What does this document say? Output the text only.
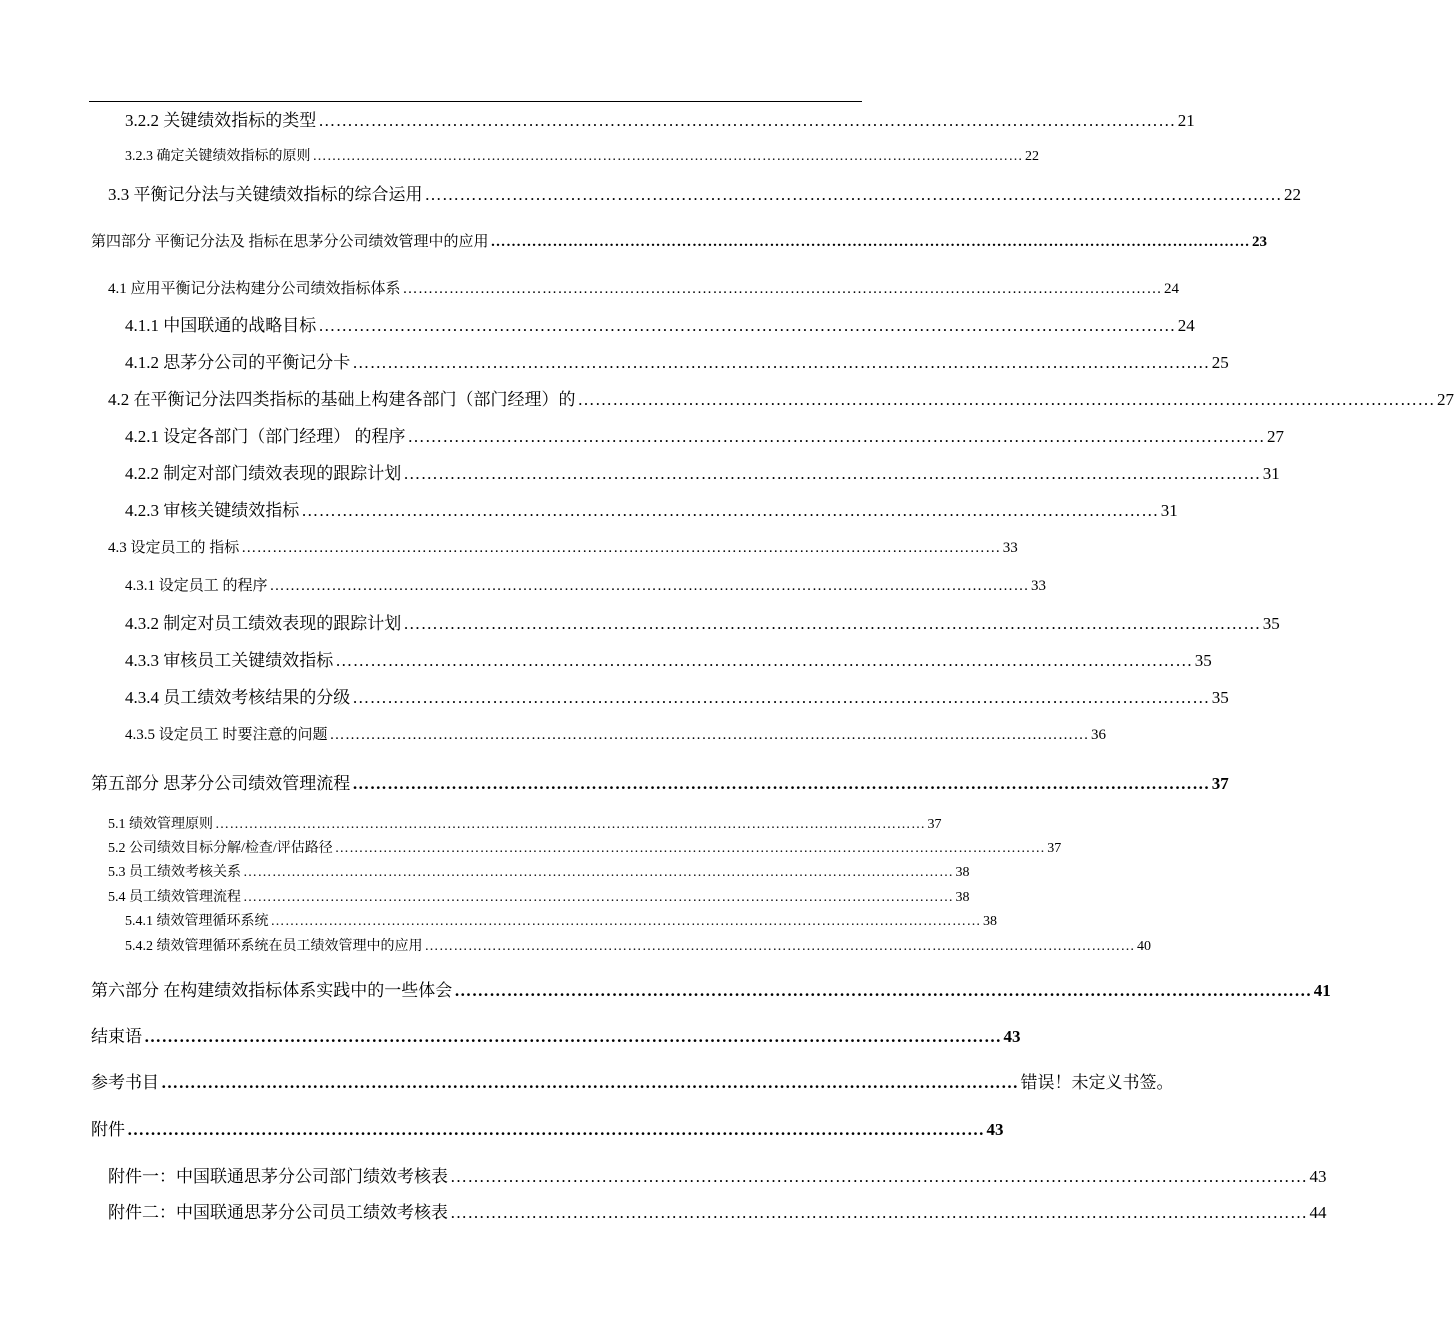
3.2.2 关键绩效指标的类型 ………………………………………………………………………………………………………………………………… 21
3.2.3 确定关键绩效指标的原则 ………………………………………………………………………………………………………………………………… 22
3.3 平衡记分法与关键绩效指标的综合运用 ………………………………………………………………………………………………………………………………… 22
第四部分 平衡记分法及 指标在思茅分公司绩效管理中的应用 ………………………………………………………………………………………………………………………………… 23
4.1 应用平衡记分法构建分公司绩效指标体系 ………………………………………………………………………………………………………………………………… 24
4.1.1 中国联通的战略目标 ………………………………………………………………………………………………………………………………… 24
4.1.2 思茅分公司的平衡记分卡 ………………………………………………………………………………………………………………………………… 25
4.2 在平衡记分法四类指标的基础上构建各部门（部门经理）的 ………………………………………………………………………………………………………………………………… 27
4.2.1 设定各部门（部门经理） 的程序 ………………………………………………………………………………………………………………………………… 27
4.2.2 制定对部门绩效表现的跟踪计划 ………………………………………………………………………………………………………………………………… 31
4.2.3 审核关键绩效指标 ………………………………………………………………………………………………………………………………… 31
4.3 设定员工的 指标 ………………………………………………………………………………………………………………………………… 33
4.3.1 设定员工 的程序 ………………………………………………………………………………………………………………………………… 33
4.3.2 制定对员工绩效表现的跟踪计划 ………………………………………………………………………………………………………………………………… 35
4.3.3 审核员工关键绩效指标 ………………………………………………………………………………………………………………………………… 35
4.3.4 员工绩效考核结果的分级 ………………………………………………………………………………………………………………………………… 35
4.3.5 设定员工 时要注意的问题 ………………………………………………………………………………………………………………………………… 36
第五部分 思茅分公司绩效管理流程 ………………………………………………………………………………………………………………………………… 37
5.1 绩效管理原则 ………………………………………………………………………………………………………………………………… 37
5.2 公司绩效目标分解/检查/评估路径 ………………………………………………………………………………………………………………………………… 37
5.3 员工绩效考核关系 ………………………………………………………………………………………………………………………………… 38
5.4 员工绩效管理流程 ………………………………………………………………………………………………………………………………… 38
5.4.1 绩效管理循环系统 ………………………………………………………………………………………………………………………………… 38
5.4.2 绩效管理循环系统在员工绩效管理中的应用 ………………………………………………………………………………………………………………………………… 40
第六部分 在构建绩效指标体系实践中的一些体会 ………………………………………………………………………………………………………………………………… 41
结束语 ………………………………………………………………………………………………………………………………… 43
参考书目 ………………………………………………………………………………………………………………………………… 错误！未定义书签。
附件 ………………………………………………………………………………………………………………………………… 43
附件一：中国联通思茅分公司部门绩效考核表 ………………………………………………………………………………………………………………………………… 43
附件二：中国联通思茅分公司员工绩效考核表 ………………………………………………………………………………………………………………………………… 44
